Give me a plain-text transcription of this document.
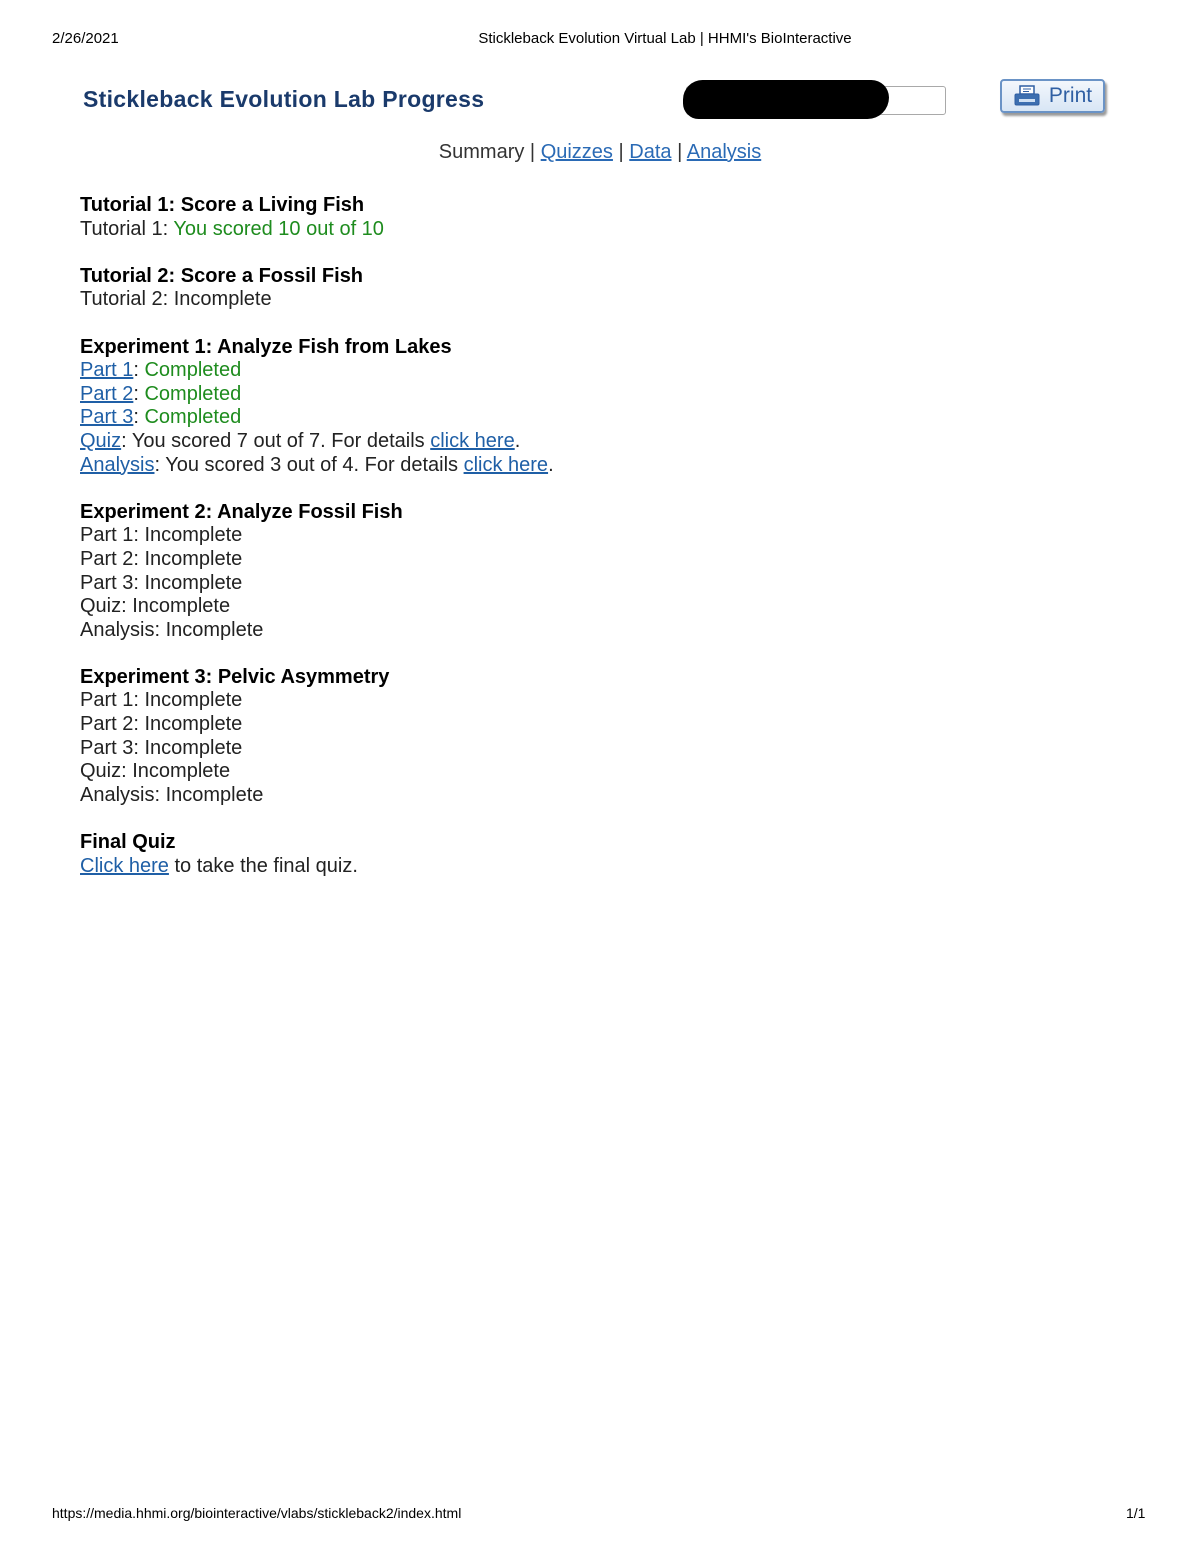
2/26/2021	Stickleback Evolution Virtual Lab | HHMI's BioInteractive
Stickleback Evolution Lab Progress	Print
Summary | Quizzes | Data | Analysis
Tutorial 1: Score a Living Fish
Tutorial 1: You scored 10 out of 10
Tutorial 2: Score a Fossil Fish
Tutorial 2: Incomplete
Experiment 1: Analyze Fish from Lakes
Part 1: Completed
Part 2: Completed
Part 3: Completed
Quiz: You scored 7 out of 7. For details click here.
Analysis: You scored 3 out of 4. For details click here.
Experiment 2: Analyze Fossil Fish
Part 1: Incomplete
Part 2: Incomplete
Part 3: Incomplete
Quiz: Incomplete
Analysis: Incomplete
Experiment 3: Pelvic Asymmetry
Part 1: Incomplete
Part 2: Incomplete
Part 3: Incomplete
Quiz: Incomplete
Analysis: Incomplete
Final Quiz
Click here to take the final quiz.
https://media.hhmi.org/biointeractive/vlabs/stickleback2/index.html	1/1
